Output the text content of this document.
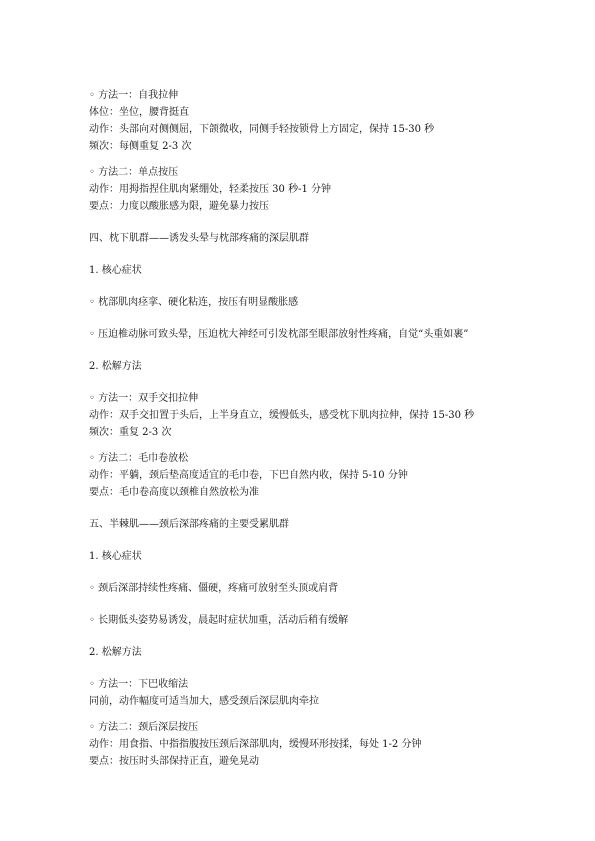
◦ 方法一：自我拉伸
体位：坐位，腰背挺直
动作：头部向对侧侧屈，下颌微收，同侧手轻按锁骨上方固定，保持 15-30 秒
频次：每侧重复 2-3 次
◦ 方法二：单点按压
动作：用拇指捏住肌肉紧绷处，轻柔按压 30 秒-1 分钟
要点：力度以酸胀感为限，避免暴力按压
四、枕下肌群——诱发头晕与枕部疼痛的深层肌群
1. 核心症状
◦ 枕部肌肉痉挛、硬化粘连，按压有明显酸胀感
◦ 压迫椎动脉可致头晕，压迫枕大神经可引发枕部至眼部放射性疼痛，自觉“头重如裹”
2. 松解方法
◦ 方法一：双手交扣拉伸
动作：双手交扣置于头后，上半身直立，缓慢低头，感受枕下肌肉拉伸，保持 15-30 秒
频次：重复 2-3 次
◦ 方法二：毛巾卷放松
动作：平躺，颈后垫高度适宜的毛巾卷，下巴自然内收，保持 5-10 分钟
要点：毛巾卷高度以颈椎自然放松为准
五、半棘肌——颈后深部疼痛的主要受累肌群
1. 核心症状
◦ 颈后深部持续性疼痛、僵硬，疼痛可放射至头顶或肩背
◦ 长期低头姿势易诱发，晨起时症状加重，活动后稍有缓解
2. 松解方法
◦ 方法一：下巴收缩法
同前，动作幅度可适当加大，感受颈后深层肌肉牵拉
◦ 方法二：颈后深层按压
动作：用食指、中指指腹按压颈后深部肌肉，缓慢环形按揉，每处 1-2 分钟
要点：按压时头部保持正直，避免晃动
